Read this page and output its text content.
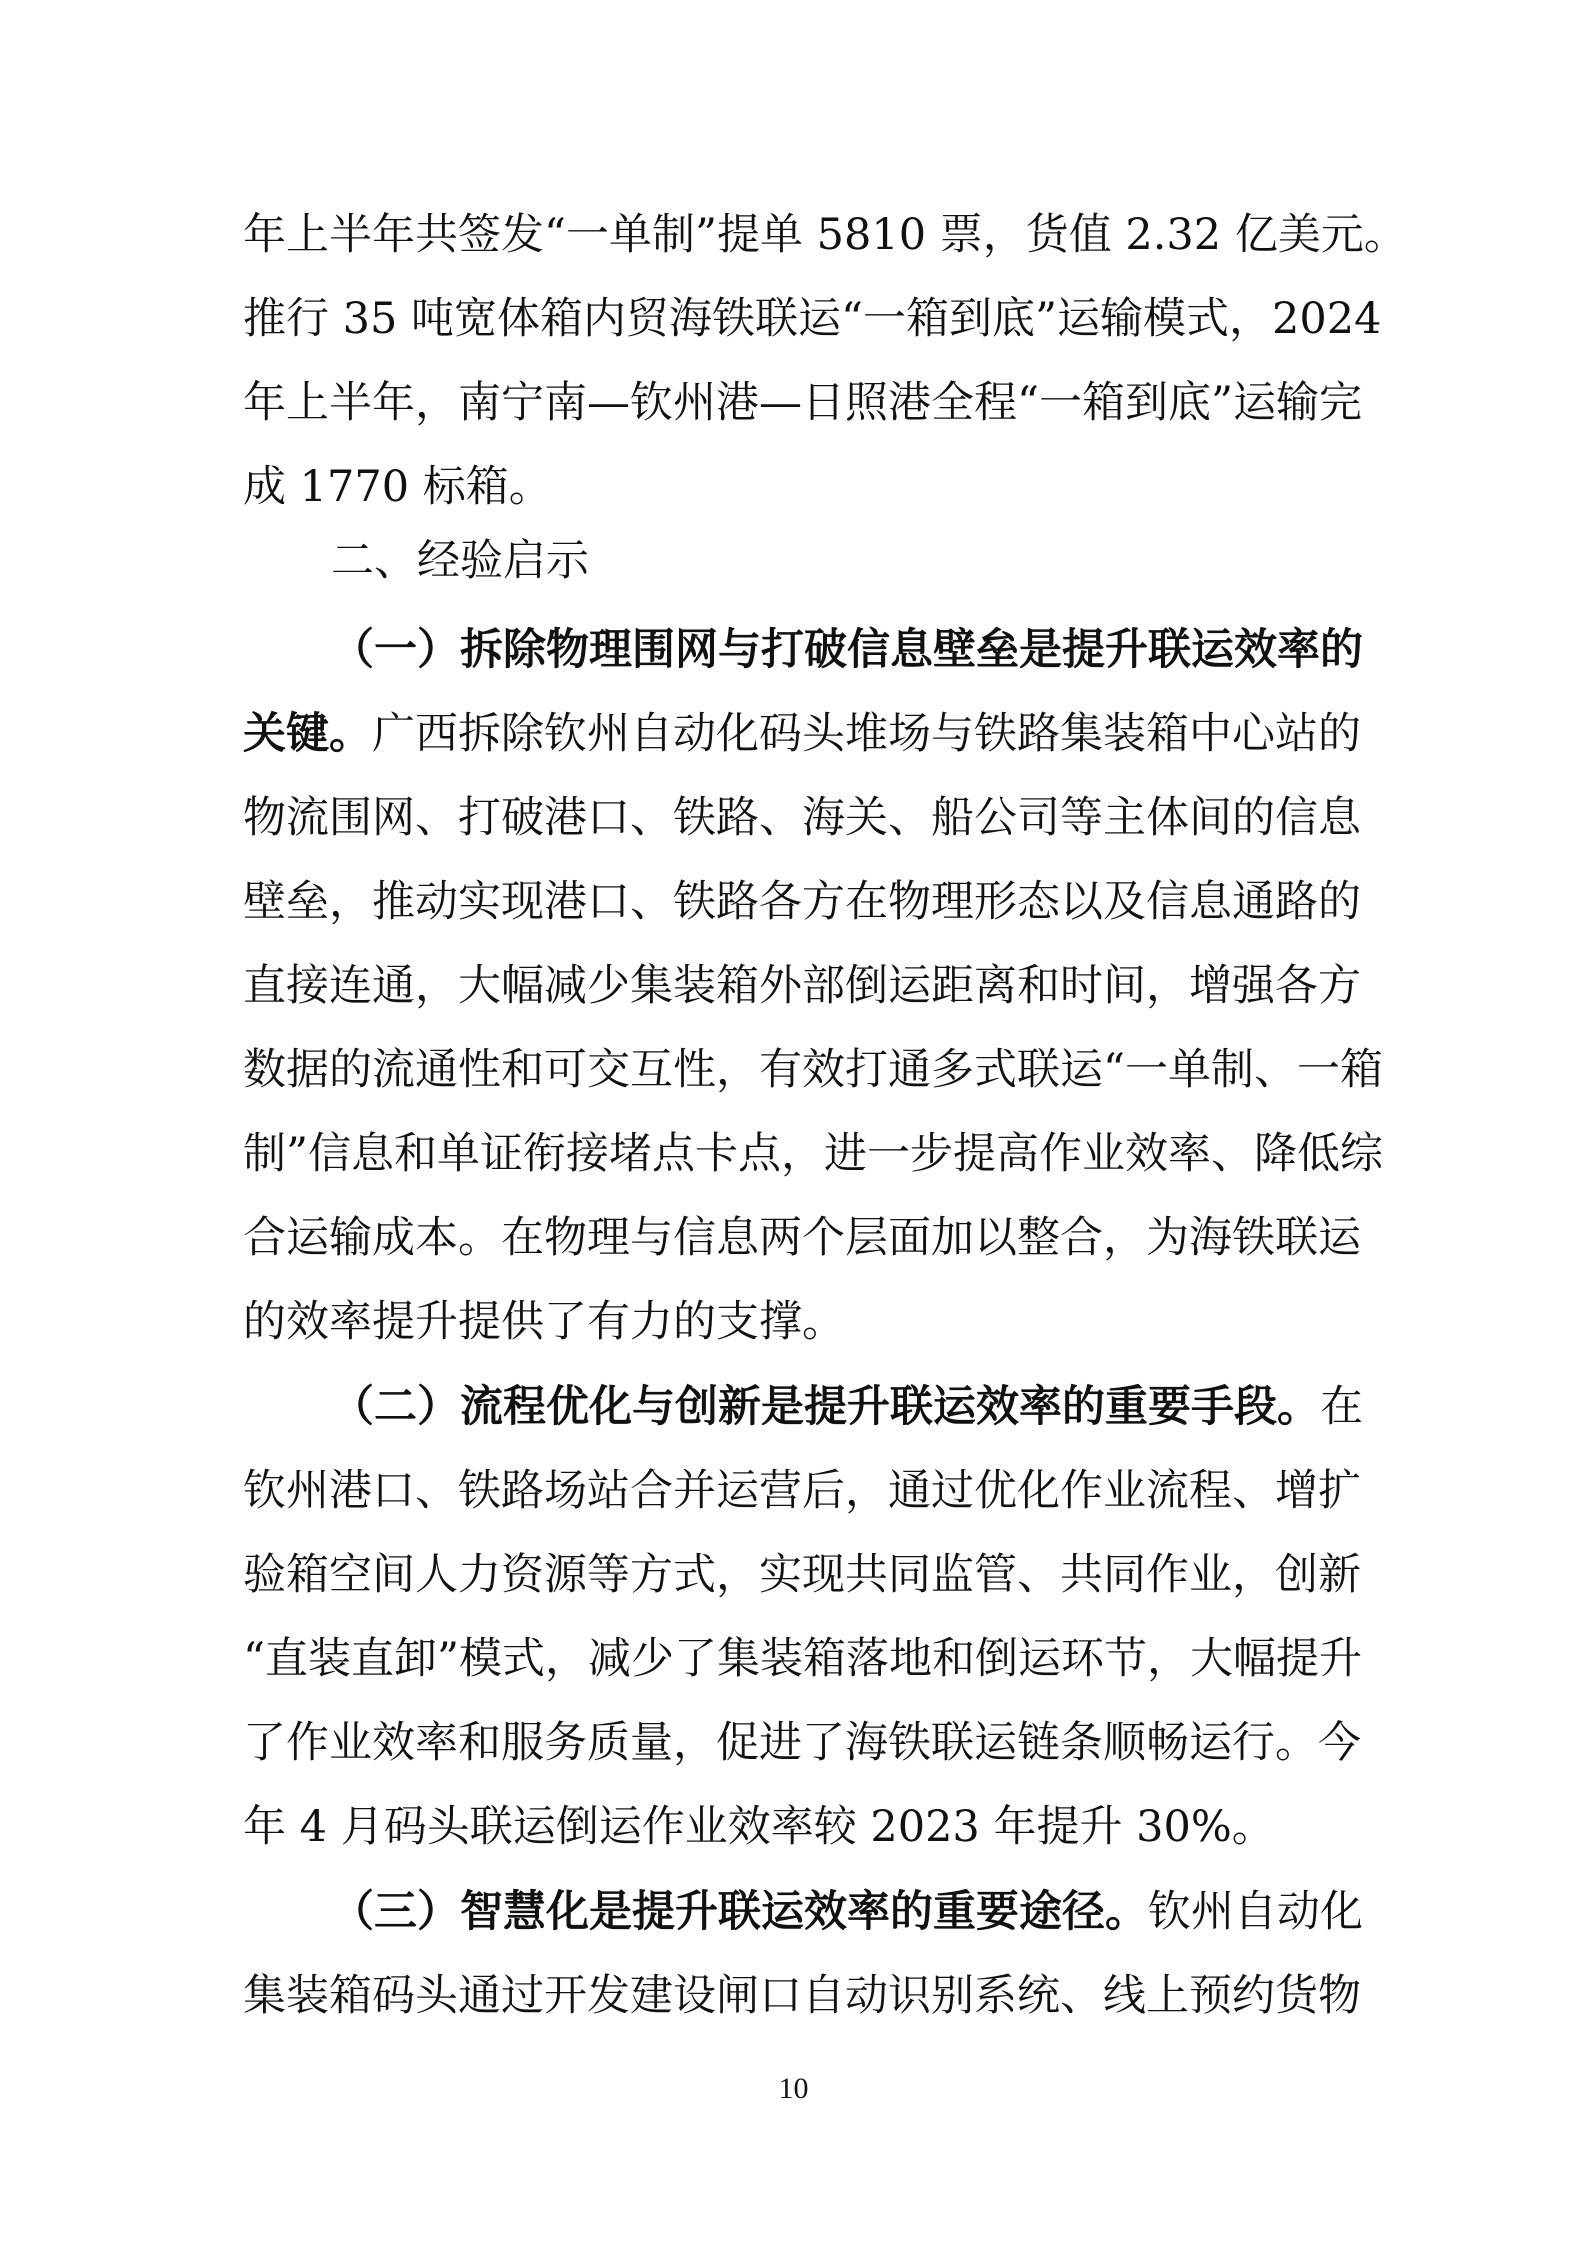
年上半年共签发“一单制”提单 5810 票，货值 2.32 亿美元。
推行 35 吨宽体箱内贸海铁联运“一箱到底”运输模式，2024
年上半年，南宁南—钦州港—日照港全程“一箱到底”运输完
成 1770 标箱。
二、经验启示
（一）拆除物理围网与打破信息壁垒是提升联运效率的
关键。广西拆除钦州自动化码头堆场与铁路集装箱中心站的
物流围网、打破港口、铁路、海关、船公司等主体间的信息
壁垒，推动实现港口、铁路各方在物理形态以及信息通路的
直接连通，大幅减少集装箱外部倒运距离和时间，增强各方
数据的流通性和可交互性，有效打通多式联运“一单制、一箱
制”信息和单证衔接堵点卡点，进一步提高作业效率、降低综
合运输成本。在物理与信息两个层面加以整合，为海铁联运
的效率提升提供了有力的支撑。
（二）流程优化与创新是提升联运效率的重要手段。在
钦州港口、铁路场站合并运营后，通过优化作业流程、增扩
验箱空间人力资源等方式，实现共同监管、共同作业，创新
“直装直卸”模式，减少了集装箱落地和倒运环节，大幅提升
了作业效率和服务质量，促进了海铁联运链条顺畅运行。今
年 4 月码头联运倒运作业效率较 2023 年提升 30%。
（三）智慧化是提升联运效率的重要途径。钦州自动化
集装箱码头通过开发建设闸口自动识别系统、线上预约货物
10
